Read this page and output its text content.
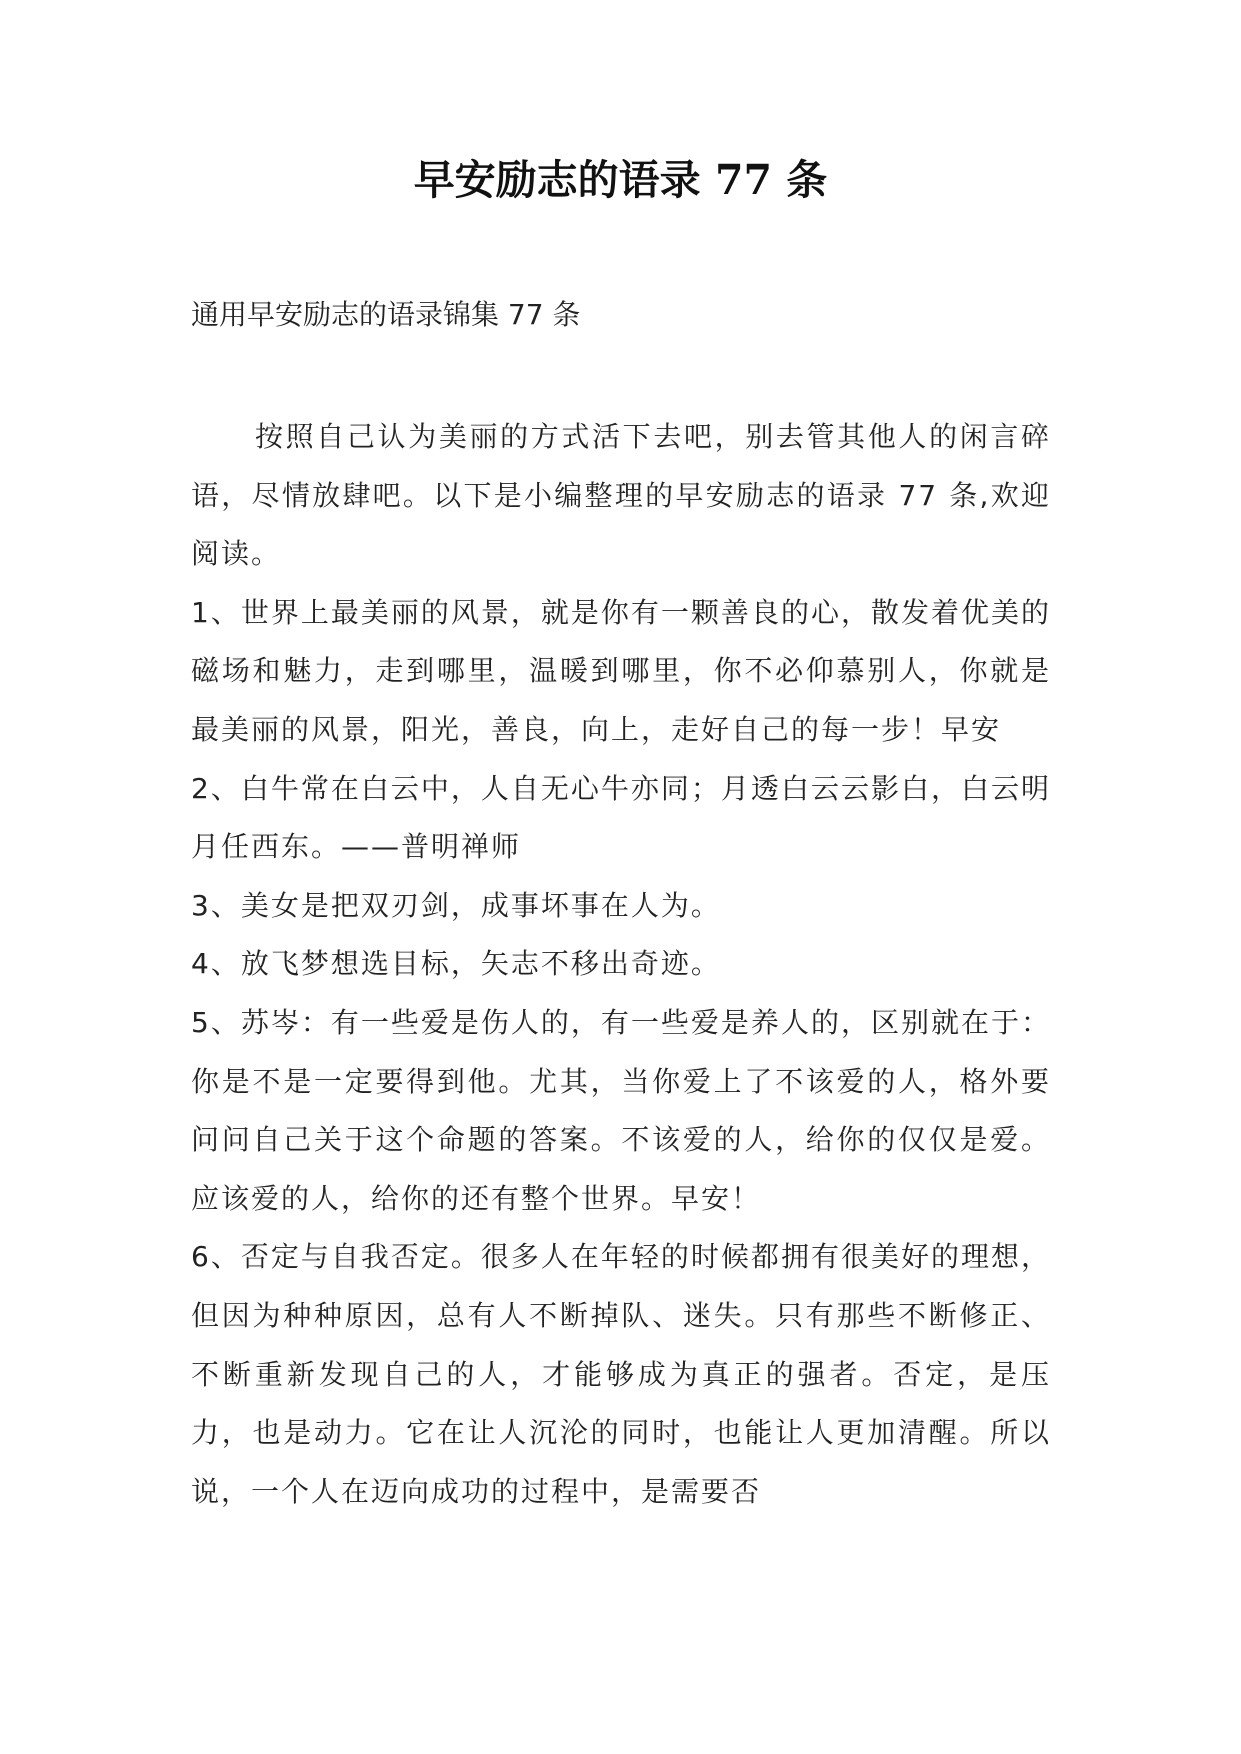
早安励志的语录 77 条

通用早安励志的语录锦集 77 条

按照自己认为美丽的方式活下去吧，别去管其他人的闲言碎语，尽情放肆吧。以下是小编整理的早安励志的语录 77 条,欢迎阅读。

1、世界上最美丽的风景，就是你有一颗善良的心，散发着优美的磁场和魅力，走到哪里，温暖到哪里，你不必仰慕别人，你就是最美丽的风景，阳光，善良，向上，走好自己的每一步！早安

2、白牛常在白云中，人自无心牛亦同；月透白云云影白，白云明月任西东。——普明禅师

3、美女是把双刃剑，成事坏事在人为。

4、放飞梦想选目标，矢志不移出奇迹。

5、苏岑：有一些爱是伤人的，有一些爱是养人的，区别就在于：你是不是一定要得到他。尤其，当你爱上了不该爱的人，格外要问问自己关于这个命题的答案。不该爱的人，给你的仅仅是爱。应该爱的人，给你的还有整个世界。早安！

6、否定与自我否定。很多人在年轻的时候都拥有很美好的理想，但因为种种原因，总有人不断掉队、迷失。只有那些不断修正、不断重新发现自己的人，才能够成为真正的强者。否定，是压力，也是动力。它在让人沉沦的同时，也能让人更加清醒。所以说，一个人在迈向成功的过程中，是需要否
